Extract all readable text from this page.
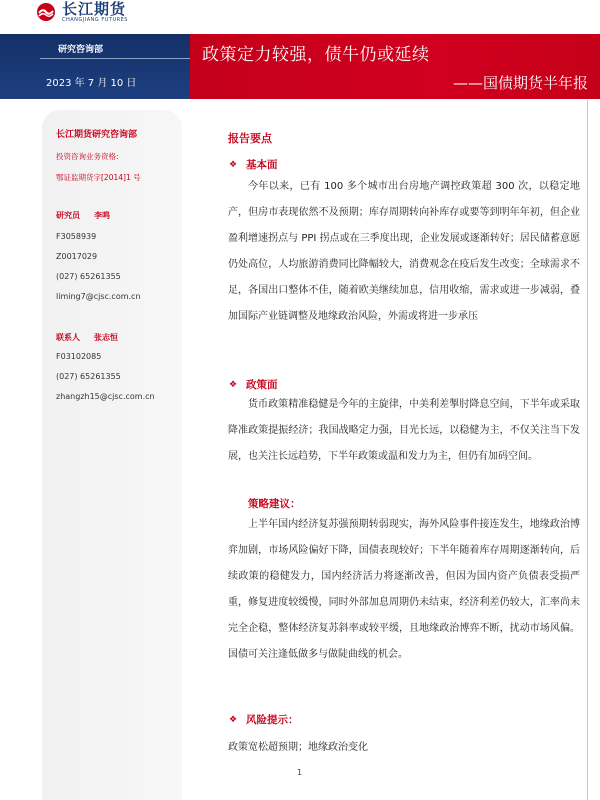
长江期货
CHANGJIANG FUTURES
研究咨询部
2023 年 7 月 10 日
政策定力较强，债牛仍或延续
——国债期货半年报
长江期货研究咨询部
投资咨询业务资格:
鄂证监期货字[2014]1 号
研究员 李鸣
F3058939
Z0017029
(027) 65261355
liming7@cjsc.com.cn
联系人 张志恒
F03102085
(027) 65261355
zhangzh15@cjsc.com.cn
报告要点
❖ 基本面

今年以来，已有 100 多个城市出台房地产调控政策超 300 次，以稳定地产，但房市表现依然不及预期；库存周期转向补库存或要等到明年年初，但企业盈利增速拐点与 PPI 拐点或在三季度出现，企业发展或逐渐转好；居民储蓄意愿仍处高位，人均旅游消费同比降幅较大，消费观念在疫后发生改变；全球需求不足，各国出口整体不佳，随着欧美继续加息，信用收缩，需求或进一步减弱，叠加国际产业链调整及地缘政治风险，外需或将进一步承压

❖ 政策面

货币政策精准稳健是今年的主旋律，中美利差掣肘降息空间，下半年或采取降准政策提振经济；我国战略定力强，目光长远，以稳健为主，不仅关注当下发展，也关注长远趋势，下半年政策或温和发力为主，但仍有加码空间。

策略建议：

上半年国内经济复苏强预期转弱现实，海外风险事件接连发生，地缘政治博弈加剧，市场风险偏好下降，国债表现较好；下半年随着库存周期逐渐转向，后续政策的稳健发力，国内经济活力将逐渐改善，但因为国内资产负债表受损严重，修复进度较缓慢，同时外部加息周期仍未结束，经济利差仍较大，汇率尚未完全企稳，整体经济复苏斜率或较平缓，且地缘政治博弈不断，扰动市场风偏。国债可关注逢低做多与做陡曲线的机会。

❖ 风险提示：
政策宽松超预期；地缘政治变化
1
